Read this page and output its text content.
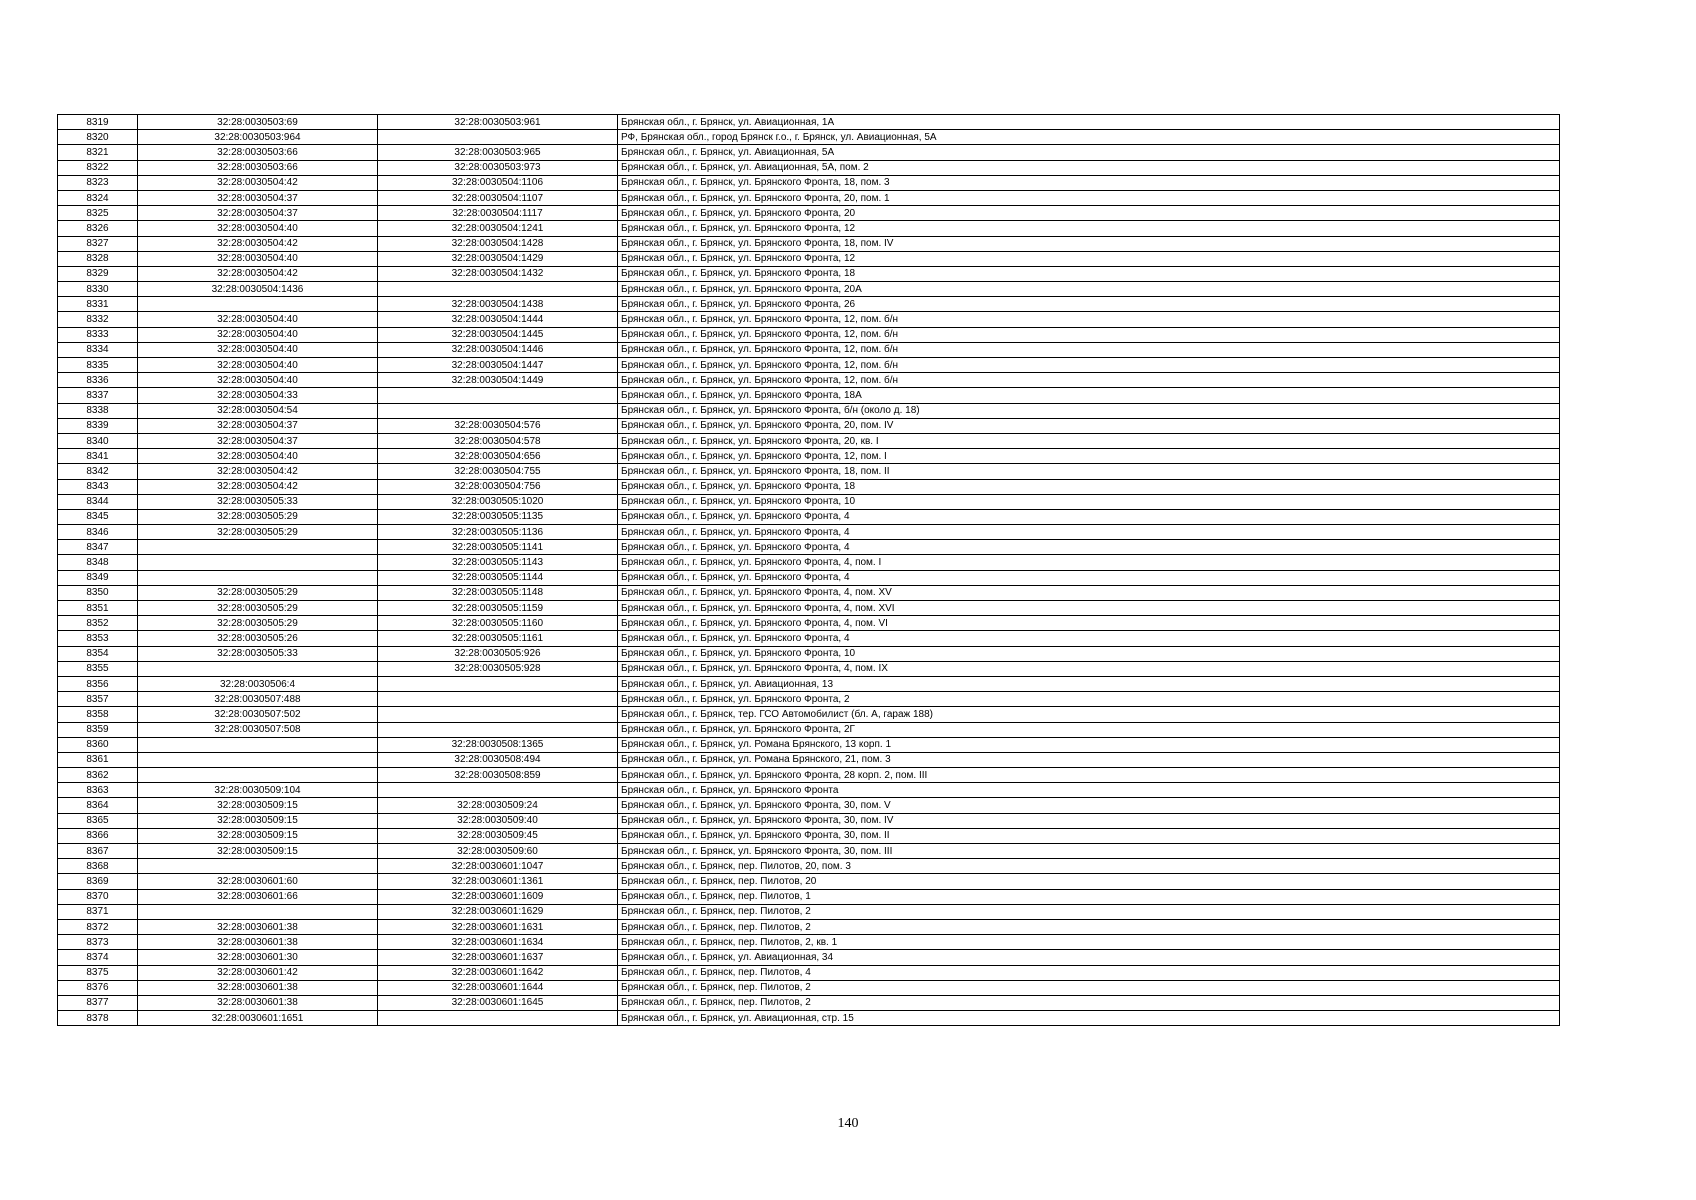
8319	32:28:0030503:69	32:28:0030503:961	Брянская обл., г. Брянск, ул. Авиационная, 1А
8320	32:28:0030503:964		РФ, Брянская обл., город Брянск г.о., г. Брянск, ул. Авиационная, 5А
8321	32:28:0030503:66	32:28:0030503:965	Брянская обл., г. Брянск, ул. Авиационная, 5А
8322	32:28:0030503:66	32:28:0030503:973	Брянская обл., г. Брянск, ул. Авиационная, 5А, пом. 2
8323	32:28:0030504:42	32:28:0030504:1106	Брянская обл., г. Брянск, ул. Брянского Фронта, 18, пом. 3
8324	32:28:0030504:37	32:28:0030504:1107	Брянская обл., г. Брянск, ул. Брянского Фронта, 20, пом. 1
8325	32:28:0030504:37	32:28:0030504:1117	Брянская обл., г. Брянск, ул. Брянского Фронта, 20
8326	32:28:0030504:40	32:28:0030504:1241	Брянская обл., г. Брянск, ул. Брянского Фронта, 12
8327	32:28:0030504:42	32:28:0030504:1428	Брянская обл., г. Брянск, ул. Брянского Фронта, 18, пом. IV
8328	32:28:0030504:40	32:28:0030504:1429	Брянская обл., г. Брянск, ул. Брянского Фронта, 12
8329	32:28:0030504:42	32:28:0030504:1432	Брянская обл., г. Брянск, ул. Брянского Фронта, 18
8330	32:28:0030504:1436		Брянская обл., г. Брянск, ул. Брянского Фронта, 20А
8331		32:28:0030504:1438	Брянская обл., г. Брянск, ул. Брянского Фронта, 26
8332	32:28:0030504:40	32:28:0030504:1444	Брянская обл., г. Брянск, ул. Брянского Фронта, 12, пом. б/н
8333	32:28:0030504:40	32:28:0030504:1445	Брянская обл., г. Брянск, ул. Брянского Фронта, 12, пом. б/н
8334	32:28:0030504:40	32:28:0030504:1446	Брянская обл., г. Брянск, ул. Брянского Фронта, 12, пом. б/н
8335	32:28:0030504:40	32:28:0030504:1447	Брянская обл., г. Брянск, ул. Брянского Фронта, 12, пом. б/н
8336	32:28:0030504:40	32:28:0030504:1449	Брянская обл., г. Брянск, ул. Брянского Фронта, 12, пом. б/н
8337	32:28:0030504:33		Брянская обл., г. Брянск, ул. Брянского Фронта, 18А
8338	32:28:0030504:54		Брянская обл., г. Брянск, ул. Брянского Фронта, б/н (около д. 18)
8339	32:28:0030504:37	32:28:0030504:576	Брянская обл., г. Брянск, ул. Брянского Фронта, 20, пом. IV
8340	32:28:0030504:37	32:28:0030504:578	Брянская обл., г. Брянск, ул. Брянского Фронта, 20, кв. I
8341	32:28:0030504:40	32:28:0030504:656	Брянская обл., г. Брянск, ул. Брянского Фронта, 12, пом. I
8342	32:28:0030504:42	32:28:0030504:755	Брянская обл., г. Брянск, ул. Брянского Фронта, 18, пом. II
8343	32:28:0030504:42	32:28:0030504:756	Брянская обл., г. Брянск, ул. Брянского Фронта, 18
8344	32:28:0030505:33	32:28:0030505:1020	Брянская обл., г. Брянск, ул. Брянского Фронта, 10
8345	32:28:0030505:29	32:28:0030505:1135	Брянская обл., г. Брянск, ул. Брянского Фронта, 4
8346	32:28:0030505:29	32:28:0030505:1136	Брянская обл., г. Брянск, ул. Брянского Фронта, 4
8347		32:28:0030505:1141	Брянская обл., г. Брянск, ул. Брянского Фронта, 4
8348		32:28:0030505:1143	Брянская обл., г. Брянск, ул. Брянского Фронта, 4, пом. I
8349		32:28:0030505:1144	Брянская обл., г. Брянск, ул. Брянского Фронта, 4
8350	32:28:0030505:29	32:28:0030505:1148	Брянская обл., г. Брянск, ул. Брянского Фронта, 4, пом. XV
8351	32:28:0030505:29	32:28:0030505:1159	Брянская обл., г. Брянск, ул. Брянского Фронта, 4, пом. XVI
8352	32:28:0030505:29	32:28:0030505:1160	Брянская обл., г. Брянск, ул. Брянского Фронта, 4, пом. VI
8353	32:28:0030505:26	32:28:0030505:1161	Брянская обл., г. Брянск, ул. Брянского Фронта, 4
8354	32:28:0030505:33	32:28:0030505:926	Брянская обл., г. Брянск, ул. Брянского Фронта, 10
8355		32:28:0030505:928	Брянская обл., г. Брянск, ул. Брянского Фронта, 4, пом. IX
8356	32:28:0030506:4		Брянская обл., г. Брянск, ул. Авиационная, 13
8357	32:28:0030507:488		Брянская обл., г. Брянск, ул. Брянского Фронта, 2
8358	32:28:0030507:502		Брянская обл., г. Брянск, тер. ГСО Автомобилист (бл. А, гараж 188)
8359	32:28:0030507:508		Брянская обл., г. Брянск, ул. Брянского Фронта, 2Г
8360		32:28:0030508:1365	Брянская обл., г. Брянск, ул. Романа Брянского, 13 корп. 1
8361		32:28:0030508:494	Брянская обл., г. Брянск, ул. Романа Брянского, 21, пом. 3
8362		32:28:0030508:859	Брянская обл., г. Брянск, ул. Брянского Фронта, 28 корп. 2, пом. III
8363	32:28:0030509:104		Брянская обл., г. Брянск, ул. Брянского Фронта
8364	32:28:0030509:15	32:28:0030509:24	Брянская обл., г. Брянск, ул. Брянского Фронта, 30, пом. V
8365	32:28:0030509:15	32:28:0030509:40	Брянская обл., г. Брянск, ул. Брянского Фронта, 30, пом. IV
8366	32:28:0030509:15	32:28:0030509:45	Брянская обл., г. Брянск, ул. Брянского Фронта, 30, пом. II
8367	32:28:0030509:15	32:28:0030509:60	Брянская обл., г. Брянск, ул. Брянского Фронта, 30, пом. III
8368		32:28:0030601:1047	Брянская обл., г. Брянск, пер. Пилотов, 20, пом. 3
8369	32:28:0030601:60	32:28:0030601:1361	Брянская обл., г. Брянск, пер. Пилотов, 20
8370	32:28:0030601:66	32:28:0030601:1609	Брянская обл., г. Брянск, пер. Пилотов, 1
8371		32:28:0030601:1629	Брянская обл., г. Брянск, пер. Пилотов, 2
8372	32:28:0030601:38	32:28:0030601:1631	Брянская обл., г. Брянск, пер. Пилотов, 2
8373	32:28:0030601:38	32:28:0030601:1634	Брянская обл., г. Брянск, пер. Пилотов, 2, кв. 1
8374	32:28:0030601:30	32:28:0030601:1637	Брянская обл., г. Брянск, ул. Авиационная, 34
8375	32:28:0030601:42	32:28:0030601:1642	Брянская обл., г. Брянск, пер. Пилотов, 4
8376	32:28:0030601:38	32:28:0030601:1644	Брянская обл., г. Брянск, пер. Пилотов, 2
8377	32:28:0030601:38	32:28:0030601:1645	Брянская обл., г. Брянск, пер. Пилотов, 2
8378	32:28:0030601:1651		Брянская обл., г. Брянск, ул. Авиационная, стр. 15
140
